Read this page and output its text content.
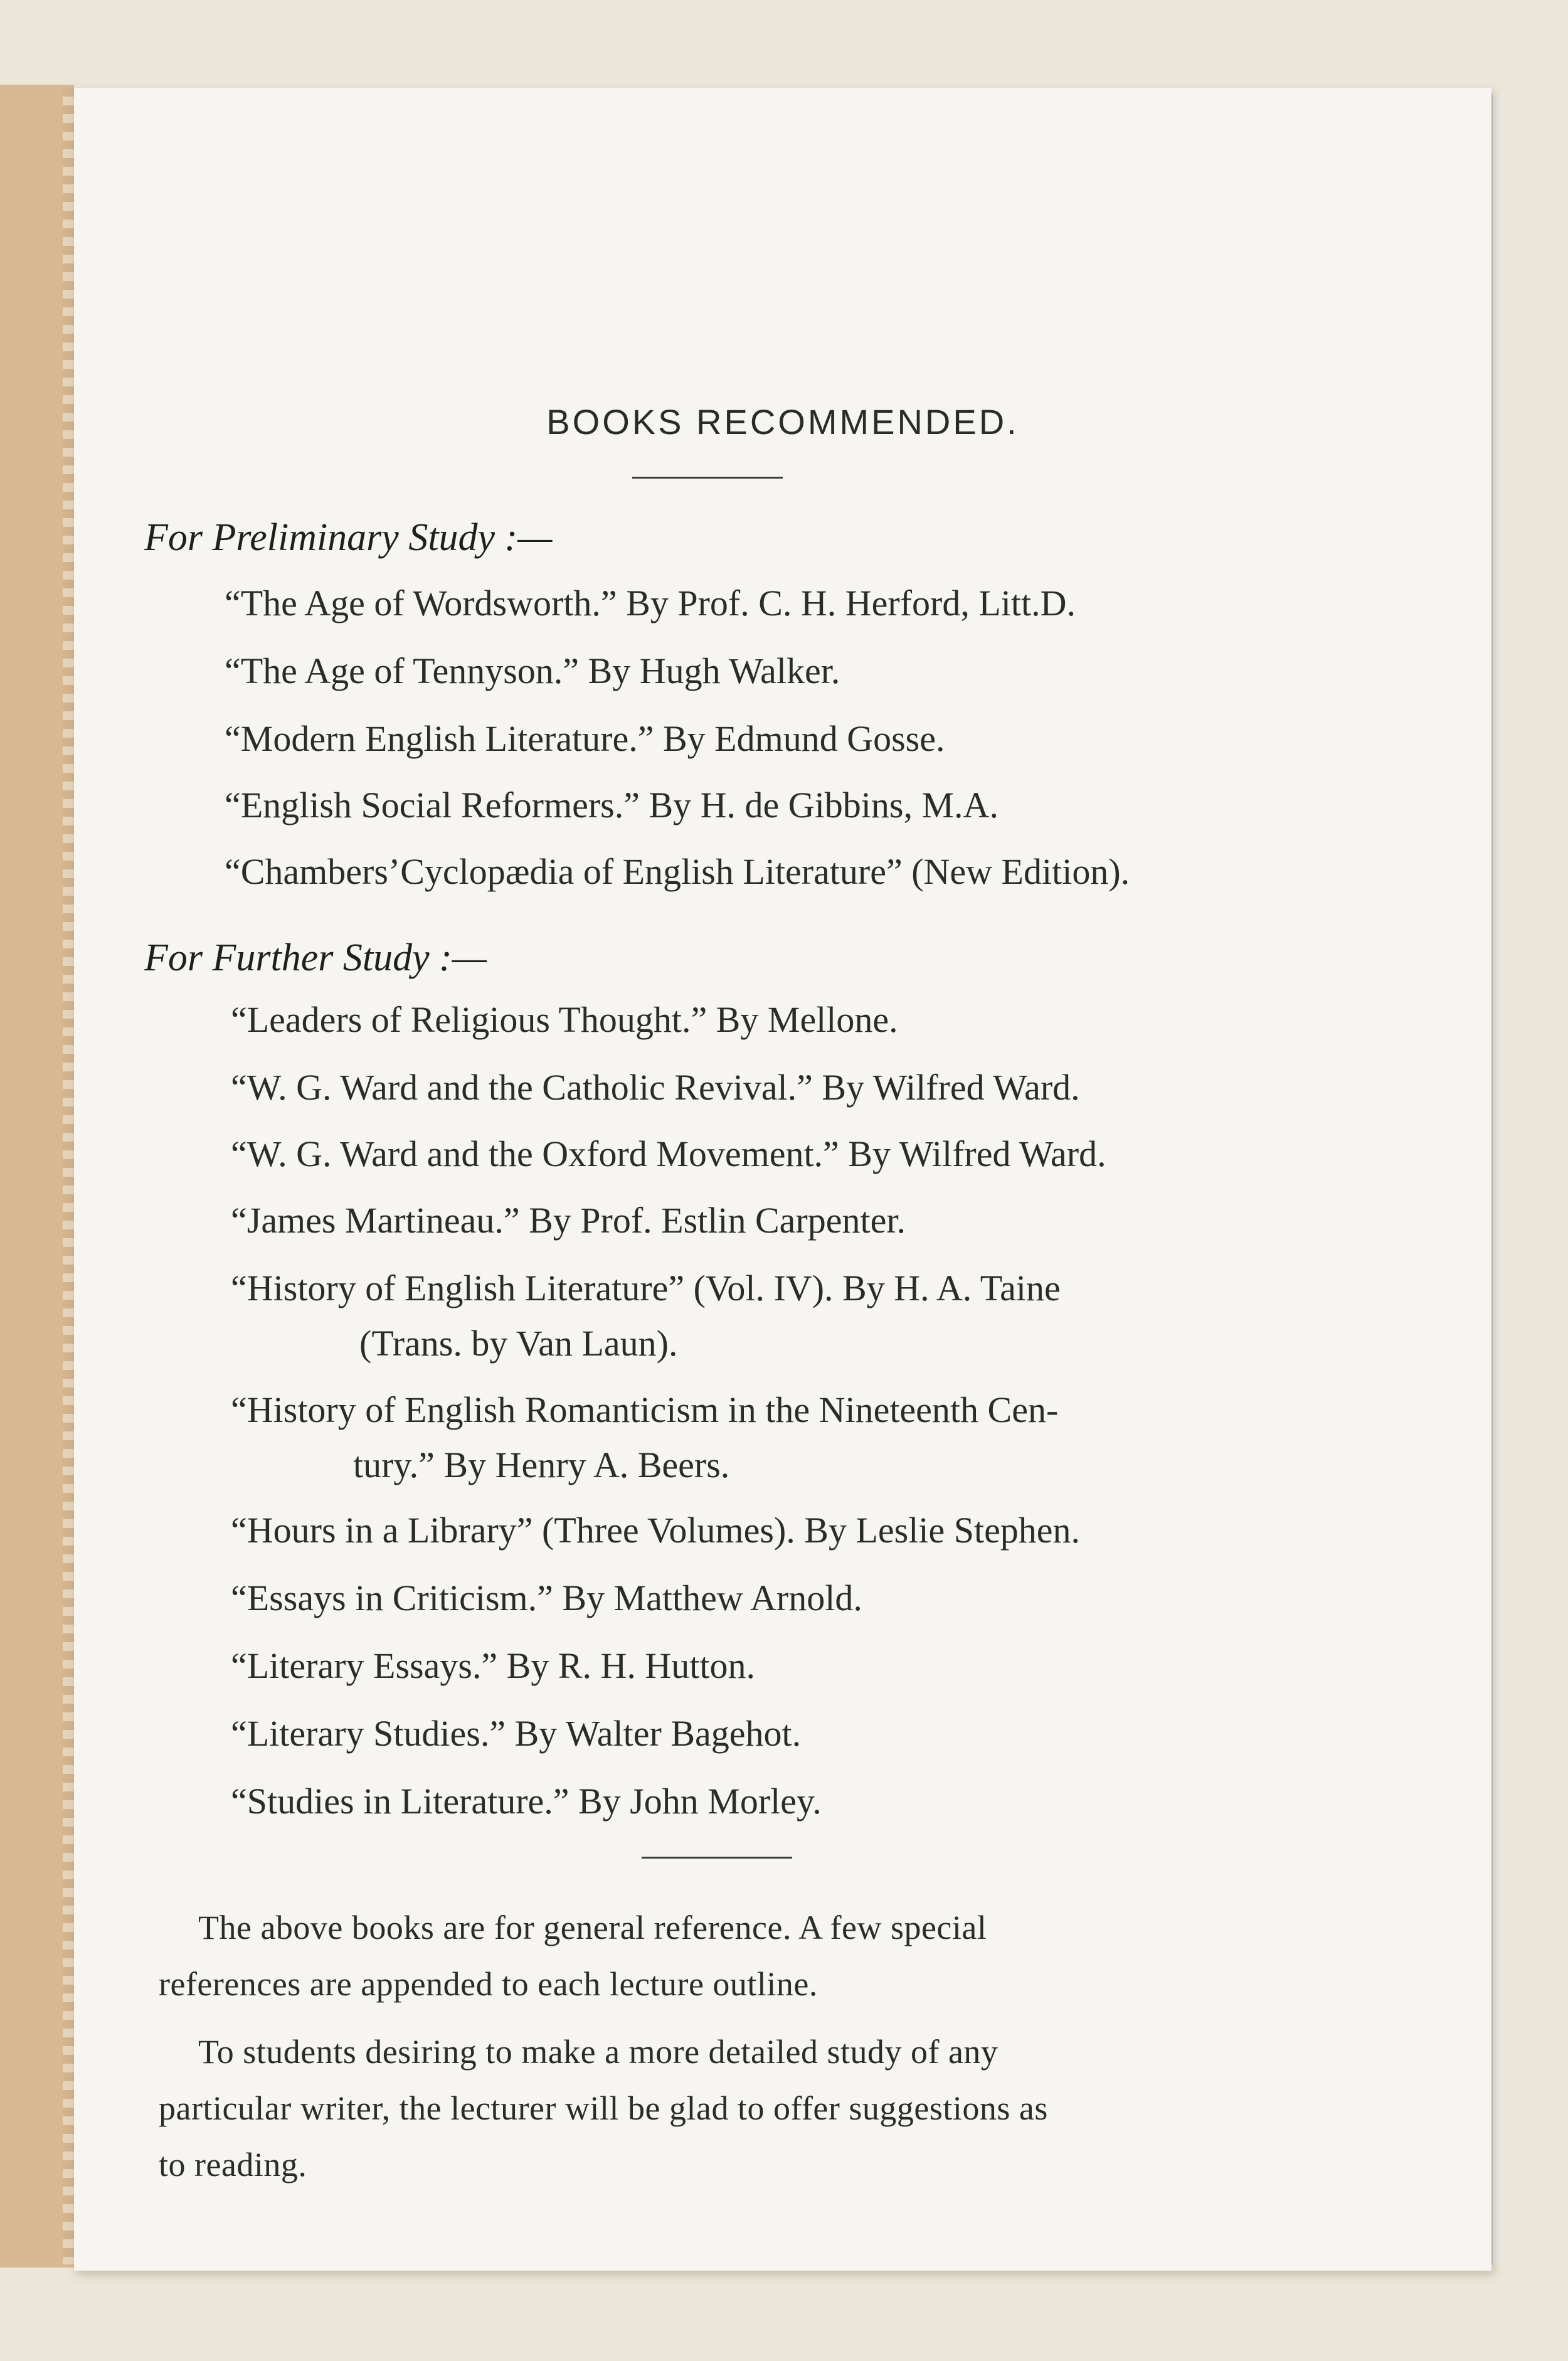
BOOKS RECOMMENDED.
For Preliminary Study :—
“The Age of Wordsworth.” By Prof. C. H. Herford, Litt.D.
“The Age of Tennyson.” By Hugh Walker.
“Modern English Literature.” By Edmund Gosse.
“English Social Reformers.” By H. de Gibbins, M.A.
“Chambers’Cyclopædia of English Literature” (New Edition).
For Further Study :—
“Leaders of Religious Thought.” By Mellone.
“W. G. Ward and the Catholic Revival.” By Wilfred Ward.
“W. G. Ward and the Oxford Movement.” By Wilfred Ward.
“James Martineau.” By Prof. Estlin Carpenter.
“History of English Literature” (Vol. IV). By H. A. Taine
(Trans. by Van Laun).
“History of English Romanticism in the Nineteenth Cen-
tury.” By Henry A. Beers.
“Hours in a Library” (Three Volumes). By Leslie Stephen.
“Essays in Criticism.” By Matthew Arnold.
“Literary Essays.” By R. H. Hutton.
“Literary Studies.” By Walter Bagehot.
“Studies in Literature.” By John Morley.
The above books are for general reference. A few special
references are appended to each lecture outline.
To students desiring to make a more detailed study of any
particular writer, the lecturer will be glad to offer suggestions as
to reading.
